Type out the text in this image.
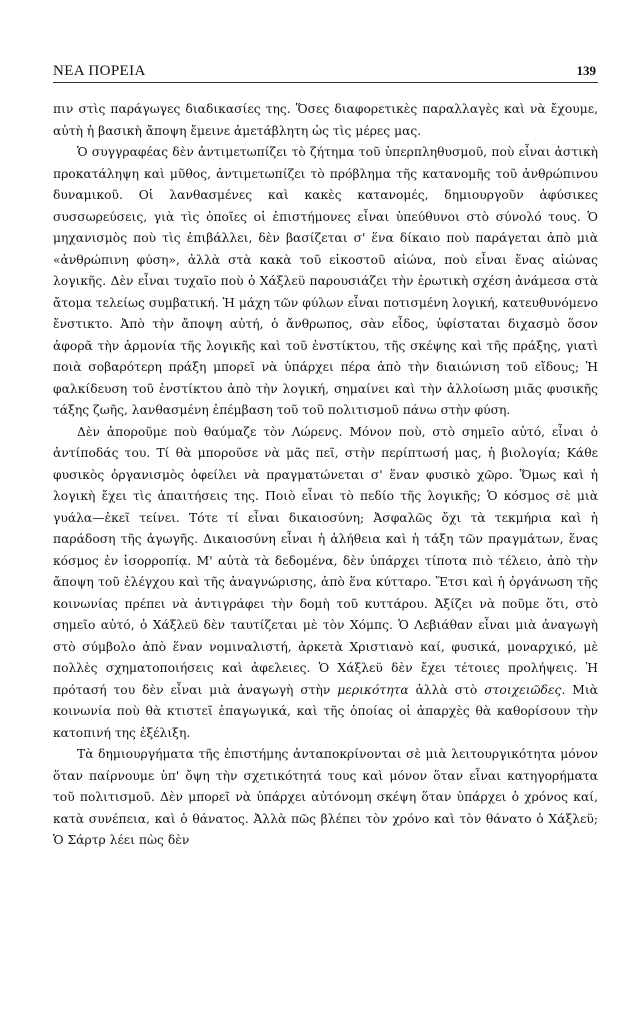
ΝΕΑ ΠΟΡΕΙΑ	139

πιν στὶς παράγωγες διαδικασίες της. Ὅσες διαφορετικὲς παραλλαγὲς καὶ νὰ ἔχουμε, αὐτὴ ἡ βασικὴ ἄποψη ἔμεινε ἀμετάβλητη ὡς τὶς μέρες μας.

Ὁ συγγραφέας δὲν ἀντιμετωπίζει τὸ ζήτημα τοῦ ὑπερπληθυσμοῦ, ποὺ εἶναι ἀστικὴ προκατάληψη καὶ μῦθος, ἀντιμετωπίζει τὸ πρόβλημα τῆς κατανομῆς τοῦ ἀνθρώπινου δυναμικοῦ. Οἱ λανθασμένες καὶ κακὲς κατανομές, δημιουργοῦν ἀφύσικες συσσωρεύσεις, γιὰ τὶς ὁποῖες οἱ ἐπιστήμονες εἶναι ὑπεύθυνοι στὸ σύνολό τους. Ὁ μηχανισμὸς ποὺ τὶς ἐπιβάλλει, δὲν βασίζεται σ' ἕνα δίκαιο ποὺ παράγεται ἀπὸ μιὰ «ἀνθρώπινη φύση», ἀλλὰ στὰ κακὰ τοῦ εἰκοστοῦ αἰώνα, ποὺ εἶναι ἕνας αἰώνας λογικῆς. Δὲν εἶναι τυχαῖο ποὺ ὁ Χάξλεϋ παρουσιάζει τὴν ἐρωτικὴ σχέση ἀνάμεσα στὰ ἄτομα τελείως συμβατική. Ἡ μάχη τῶν φύλων εἶναι ποτισμένη λογική, κατευθυνόμενο ἔνστικτο. Ἀπὸ τὴν ἄποψη αὐτή, ὁ ἄνθρωπος, σὰν εἶδος, ὑφίσταται διχασμὸ ὅσον ἀφορᾶ τὴν ἁρμονία τῆς λογικῆς καὶ τοῦ ἐνστίκτου, τῆς σκέψης καὶ τῆς πράξης, γιατὶ ποιὰ σοβαρότερη πράξη μπορεῖ νὰ ὑπάρχει πέρα ἀπὸ τὴν διαιώνιση τοῦ εἴδους; Ἡ φαλκίδευση τοῦ ἐνστίκτου ἀπὸ τὴν λογική, σημαίνει καὶ τὴν ἀλλοίωση μιᾶς φυσικῆς τάξης ζωῆς, λανθασμένη ἐπέμβαση τοῦ τοῦ πολιτισμοῦ πάνω στὴν φύση.

Δὲν ἀποροῦμε ποὺ θαύμαζε τὸν Λώρενς. Μόνον ποὺ, στὸ σημεῖο αὐτό, εἶναι ὁ ἀντίποδάς του. Τί θὰ μποροῦσε νὰ μᾶς πεῖ, στὴν περίπτωσή μας, ἡ βιολογία; Κάθε φυσικὸς ὀργανισμὸς ὀφείλει νὰ πραγματώνεται σ' ἕναν φυσικὸ χῶρο. Ὅμως καὶ ἡ λογικὴ ἔχει τὶς ἀπαιτήσεις της. Ποιὸ εἶναι τὸ πεδίο τῆς λογικῆς; Ὁ κόσμος σὲ μιὰ γυάλα—ἐκεῖ τείνει. Τότε τί εἶναι δικαιοσύνη; Ἀσφαλῶς ὄχι τὰ τεκμήρια καὶ ἡ παράδοση τῆς ἀγωγῆς. Δικαιοσύνη εἶναι ἡ ἀλήθεια καὶ ἡ τάξη τῶν πραγμάτων, ἕνας κόσμος ἐν ἰσορροπίᾳ. Μ' αὐτὰ τὰ δεδομένα, δὲν ὑπάρχει τίποτα πιὸ τέλειο, ἀπὸ τὴν ἄποψη τοῦ ἐλέγχου καὶ τῆς ἀναγνώρισης, ἀπὸ ἕνα κύτταρο. Ἔτσι καὶ ἡ ὀργάνωση τῆς κοινωνίας πρέπει νὰ ἀντιγράφει τὴν δομὴ τοῦ κυττάρου. Ἀξίζει νὰ ποῦμε ὅτι, στὸ σημεῖο αὐτό, ὁ Χάξλεϋ δὲν ταυτίζεται μὲ τὸν Χόμπς. Ὁ Λεβιάθαν εἶναι μιὰ ἀναγωγὴ στὸ σύμβολο ἀπὸ ἕναν νομιναλιστή, ἀρκετὰ Χριστιανὸ καί, φυσικά, μοναρχικό, μὲ πολλὲς σχηματοποιήσεις καὶ ἀφελειες. Ὁ Χάξλεϋ δὲν ἔχει τέτοιες προλήψεις. Ἡ πρότασή του δὲν εἶναι μιὰ ἀναγωγὴ στὴν μερικότητα ἀλλὰ στὸ στοιχειῶδες. Μιὰ κοινωνία ποὺ θὰ κτιστεῖ ἐπαγωγικά, καὶ τῆς ὁποίας οἱ ἀπαρχὲς θὰ καθορίσουν τὴν κατοπινή της ἐξέλιξη.

Τὰ δημιουργήματα τῆς ἐπιστήμης ἀνταποκρίνονται σὲ μιὰ λειτουργικότητα μόνον ὅταν παίρνουμε ὑπ' ὄψη τὴν σχετικότητά τους καὶ μόνον ὅταν εἶναι κατηγορήματα τοῦ πολιτισμοῦ. Δὲν μπορεῖ νὰ ὑπάρχει αὐτόνομη σκέψη ὅταν ὑπάρχει ὁ χρόνος καί, κατὰ συνέπεια, καὶ ὁ θάνατος. Ἀλλὰ πῶς βλέπει τὸν χρόνο καὶ τὸν θάνατο ὁ Χάξλεϋ; Ὁ Σάρτρ λέει πὼς δὲν
